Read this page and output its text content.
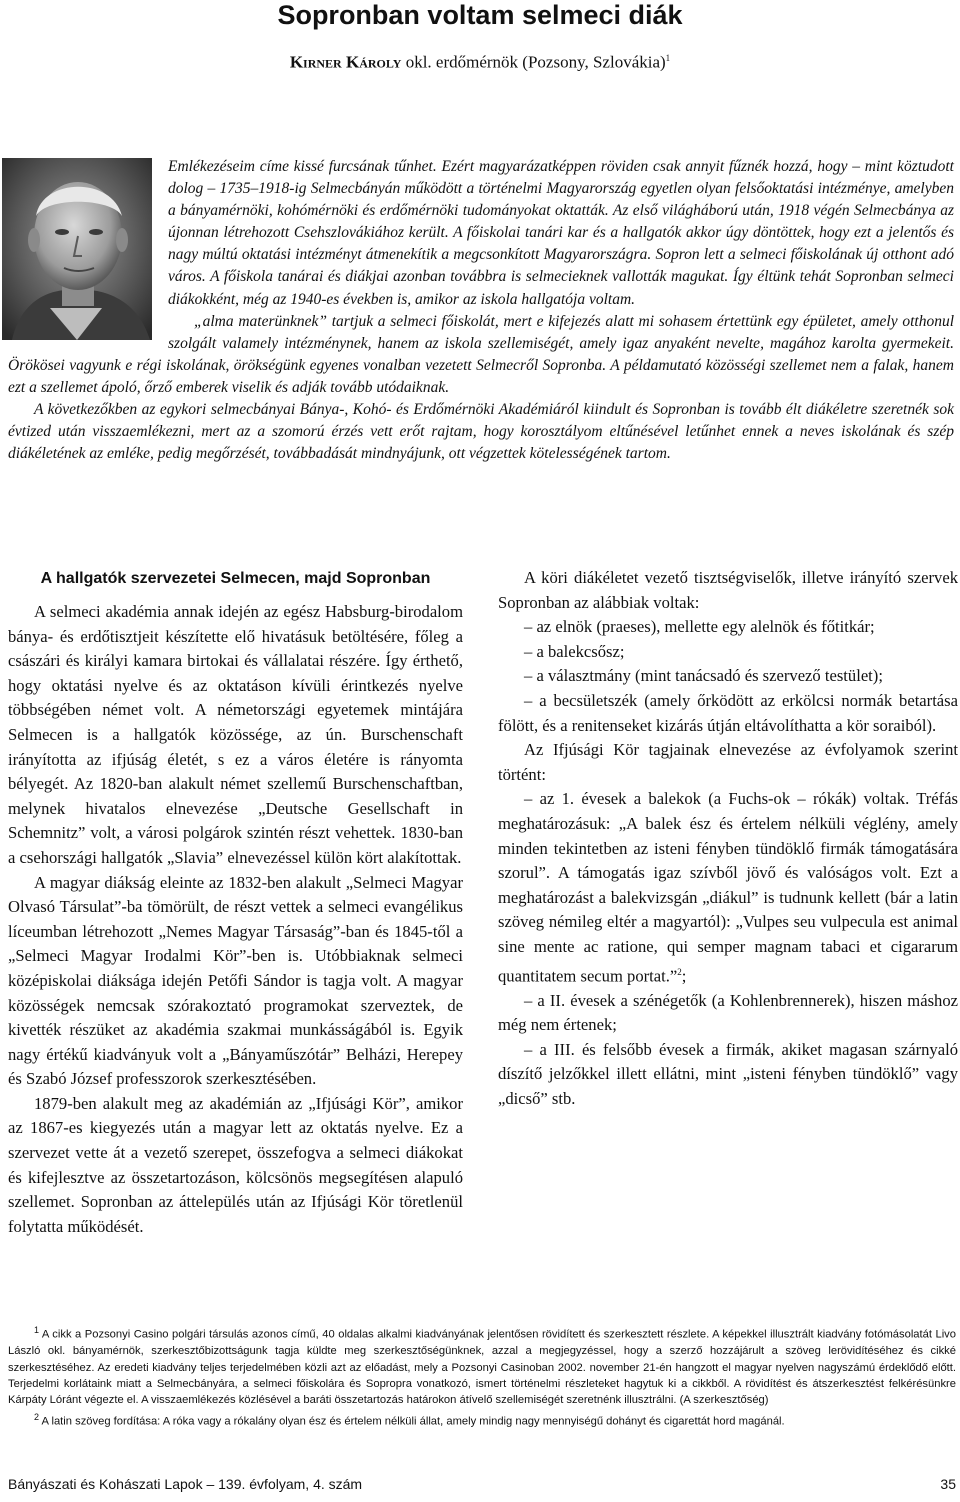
Sopronban voltam selmeci diák
Kirner Károly okl. erdőmérnök (Pozsony, Szlovákia)$^1$

Emlékezéseim címe kissé furcsának tűnhet. Ezért magyarázatképpen röviden csak annyit fűznék hozzá, hogy – mint köztudott dolog – 1735–1918-ig Selmecbányán működött a történelmi Magyarország egyetlen olyan felsőoktatási intézménye, amelyben a bányamérnöki, kohómérnöki és erdőmérnöki tudományokat oktatták. Az első világháború után, 1918 végén Selmecbánya az újonnan létrehozott Csehszlovákiához került. A főiskolai tanári kar és a hallgatók akkor úgy döntöttek, hogy ezt a jelentős és nagy múltú oktatási intézményt átmenekítik a megcsonkított Magyarországra. Sopron lett a selmeci főiskolának új otthont adó város. A főiskola tanárai és diákjai azonban továbbra is selmecieknek vallották magukat. Így éltünk tehát Sopronban selmeci diákokként, még az 1940-es években is, amikor az iskola hallgatója voltam.

„alma materünknek” tartjuk a selmeci főiskolát, mert e kifejezés alatt mi sohasem értettünk egy épületet, amely otthonul szolgált valamely intézménynek, hanem az iskola szellemiségét, amely igaz anyaként nevelte, magához karolta gyermekeit. Örökösei vagyunk e régi iskolának, örökségünk egyenes vonalban vezetett Selmecről Sopronba. A példamutató közösségi szellemet nem a falak, hanem ezt a szellemet ápoló, őrző emberek viselik és adják tovább utódaiknak.

A következőkben az egykori selmecbányai Bánya-, Kohó- és Erdőmérnöki Akadémiáról kiindult és Sopronban is tovább élt diákéletre szeretnék sok évtized után visszaemlékezni, mert az a szomorú érzés vett erőt rajtam, hogy korosztályom eltűnésével letűnhet ennek a neves iskolának és szép diákéletének az emléke, pedig megőrzését, továbbadását mindnyájunk, ott végzettek kötelességének tartom.

A hallgatók szervezetei Selmecen, majd Sopronban

A selmeci akadémia annak idején az egész Habsburg-birodalom bánya- és erdőtisztjeit készítette elő hivatásuk betöltésére, főleg a császári és királyi kamara birtokai és vállalatai részére. Így érthető, hogy oktatási nyelve és az oktatáson kívüli érintkezés nyelve többségében német volt. A németországi egyetemek mintájára Selmecen is a hallgatók közössége, az ún. Burschenschaft irányította az ifjúság életét, s ez a város életére is rányomta bélyegét. Az 1820-ban alakult német szellemű Burschenschaftban, melynek hivatalos elnevezése „Deutsche Gesellschaft in Schemnitz” volt, a városi polgárok szintén részt vehettek. 1830-ban a csehországi hallgatók „Slavia” elnevezéssel külön kört alakítottak.

A magyar diákság eleinte az 1832-ben alakult „Selmeci Magyar Olvasó Társulat”-ba tömörült, de részt vettek a selmeci evangélikus líceumban létrehozott „Nemes Magyar Társaság”-ban és 1845-től a „Selmeci Magyar Irodalmi Kör”-ben is. Utóbbiaknak selmeci középiskolai diáksága idején Petőfi Sándor is tagja volt. A magyar közösségek nemcsak szórakoztató programokat szerveztek, de kivették részüket az akadémia szakmai munkásságából is. Egyik nagy értékű kiadványuk volt a „Bányaműszótár” Belházi, Herepey és Szabó József professzorok szerkesztésében.

1879-ben alakult meg az akadémián az „Ifjúsági Kör”, amikor az 1867-es kiegyezés után a magyar lett az oktatás nyelve. Ez a szervezet vette át a vezető szerepet, összefogva a selmeci diákokat és kifejlesztve az összetartozáson, kölcsönös megsegítésen alapuló szellemet. Sopronban az áttelepülés után az Ifjúsági Kör töretlenül folytatta működését.

A köri diákéletet vezető tisztségviselők, illetve irányító szervek Sopronban az alábbiak voltak:

– az elnök (praeses), mellette egy alelnök és főtitkár;

– a balekcsősz;

– a választmány (mint tanácsadó és szervező testület);

– a becsületszék (amely őrködött az erkölcsi normák betartása fölött, és a renitenseket kizárás útján eltávolíthatta a kör soraiból).

Az Ifjúsági Kör tagjainak elnevezése az évfolyamok szerint történt:

– az 1. évesek a balekok (a Fuchs-ok – rókák) voltak. Tréfás meghatározásuk: „A balek ész és értelem nélküli véglény, amely minden tekintetben az isteni fényben tündöklő firmák támogatására szorul”. A támogatás igaz szívből jövő és valóságos volt. Ezt a meghatározást a balekvizsgán „diákul” is tudnunk kellett (bár a latin szöveg némileg eltér a magyartól): „Vulpes seu vulpecula est animal sine mente ac ratione, qui semper magnam tabaci et cigararum quantitatem secum portat.”$^2$;

– a II. évesek a szénégetők (a Kohlenbrennerek), hiszen máshoz még nem értenek;

– a III. és felsőbb évesek a firmák, akiket magasan szárnyaló díszítő jelzőkkel illett ellátni, mint „isteni fényben tündöklő” vagy „dicső” stb.

$^1$ A cikk a Pozsonyi Casino polgári társulás azonos című, 40 oldalas alkalmi kiadványának jelentősen rövidített és szerkesztett részlete. A képekkel illusztrált kiadvány fotómásolatát Livo László okl. bányamérnök, szerkesztőbizottságunk tagja küldte meg szerkesztőségünknek, azzal a megjegyzéssel, hogy a szerző hozzájárult a szöveg lerövidítéséhez és cikké szerkesztéséhez. Az eredeti kiadvány teljes terjedelmében közli azt az előadást, mely a Pozsonyi Casinoban 2002. november 21-én hangzott el magyar nyelven nagyszámú érdeklődő előtt. Terjedelmi korlátaink miatt a Selmecbányára, a selmeci főiskolára és Soproрra vonatkozó, ismert történelmi részleteket hagytuk ki a cikkből. A rövidítést és átszerkesztést felkérésünkre Kárpáty Lóránt végezte el. A visszaemlékezés közlésével a baráti összetartozás határokon átívelő szellemiségét szeretnénk illusztrálni. (A szerkesztőség)

$^2$ A latin szöveg fordítása: A róka vagy a rókalány olyan ész és értelem nélküli állat, amely mindig nagy mennyiségű dohányt és cigarettát hord magánál.

Bányászati és Kohászati Lapok – 139. évfolyam, 4. szám	35
